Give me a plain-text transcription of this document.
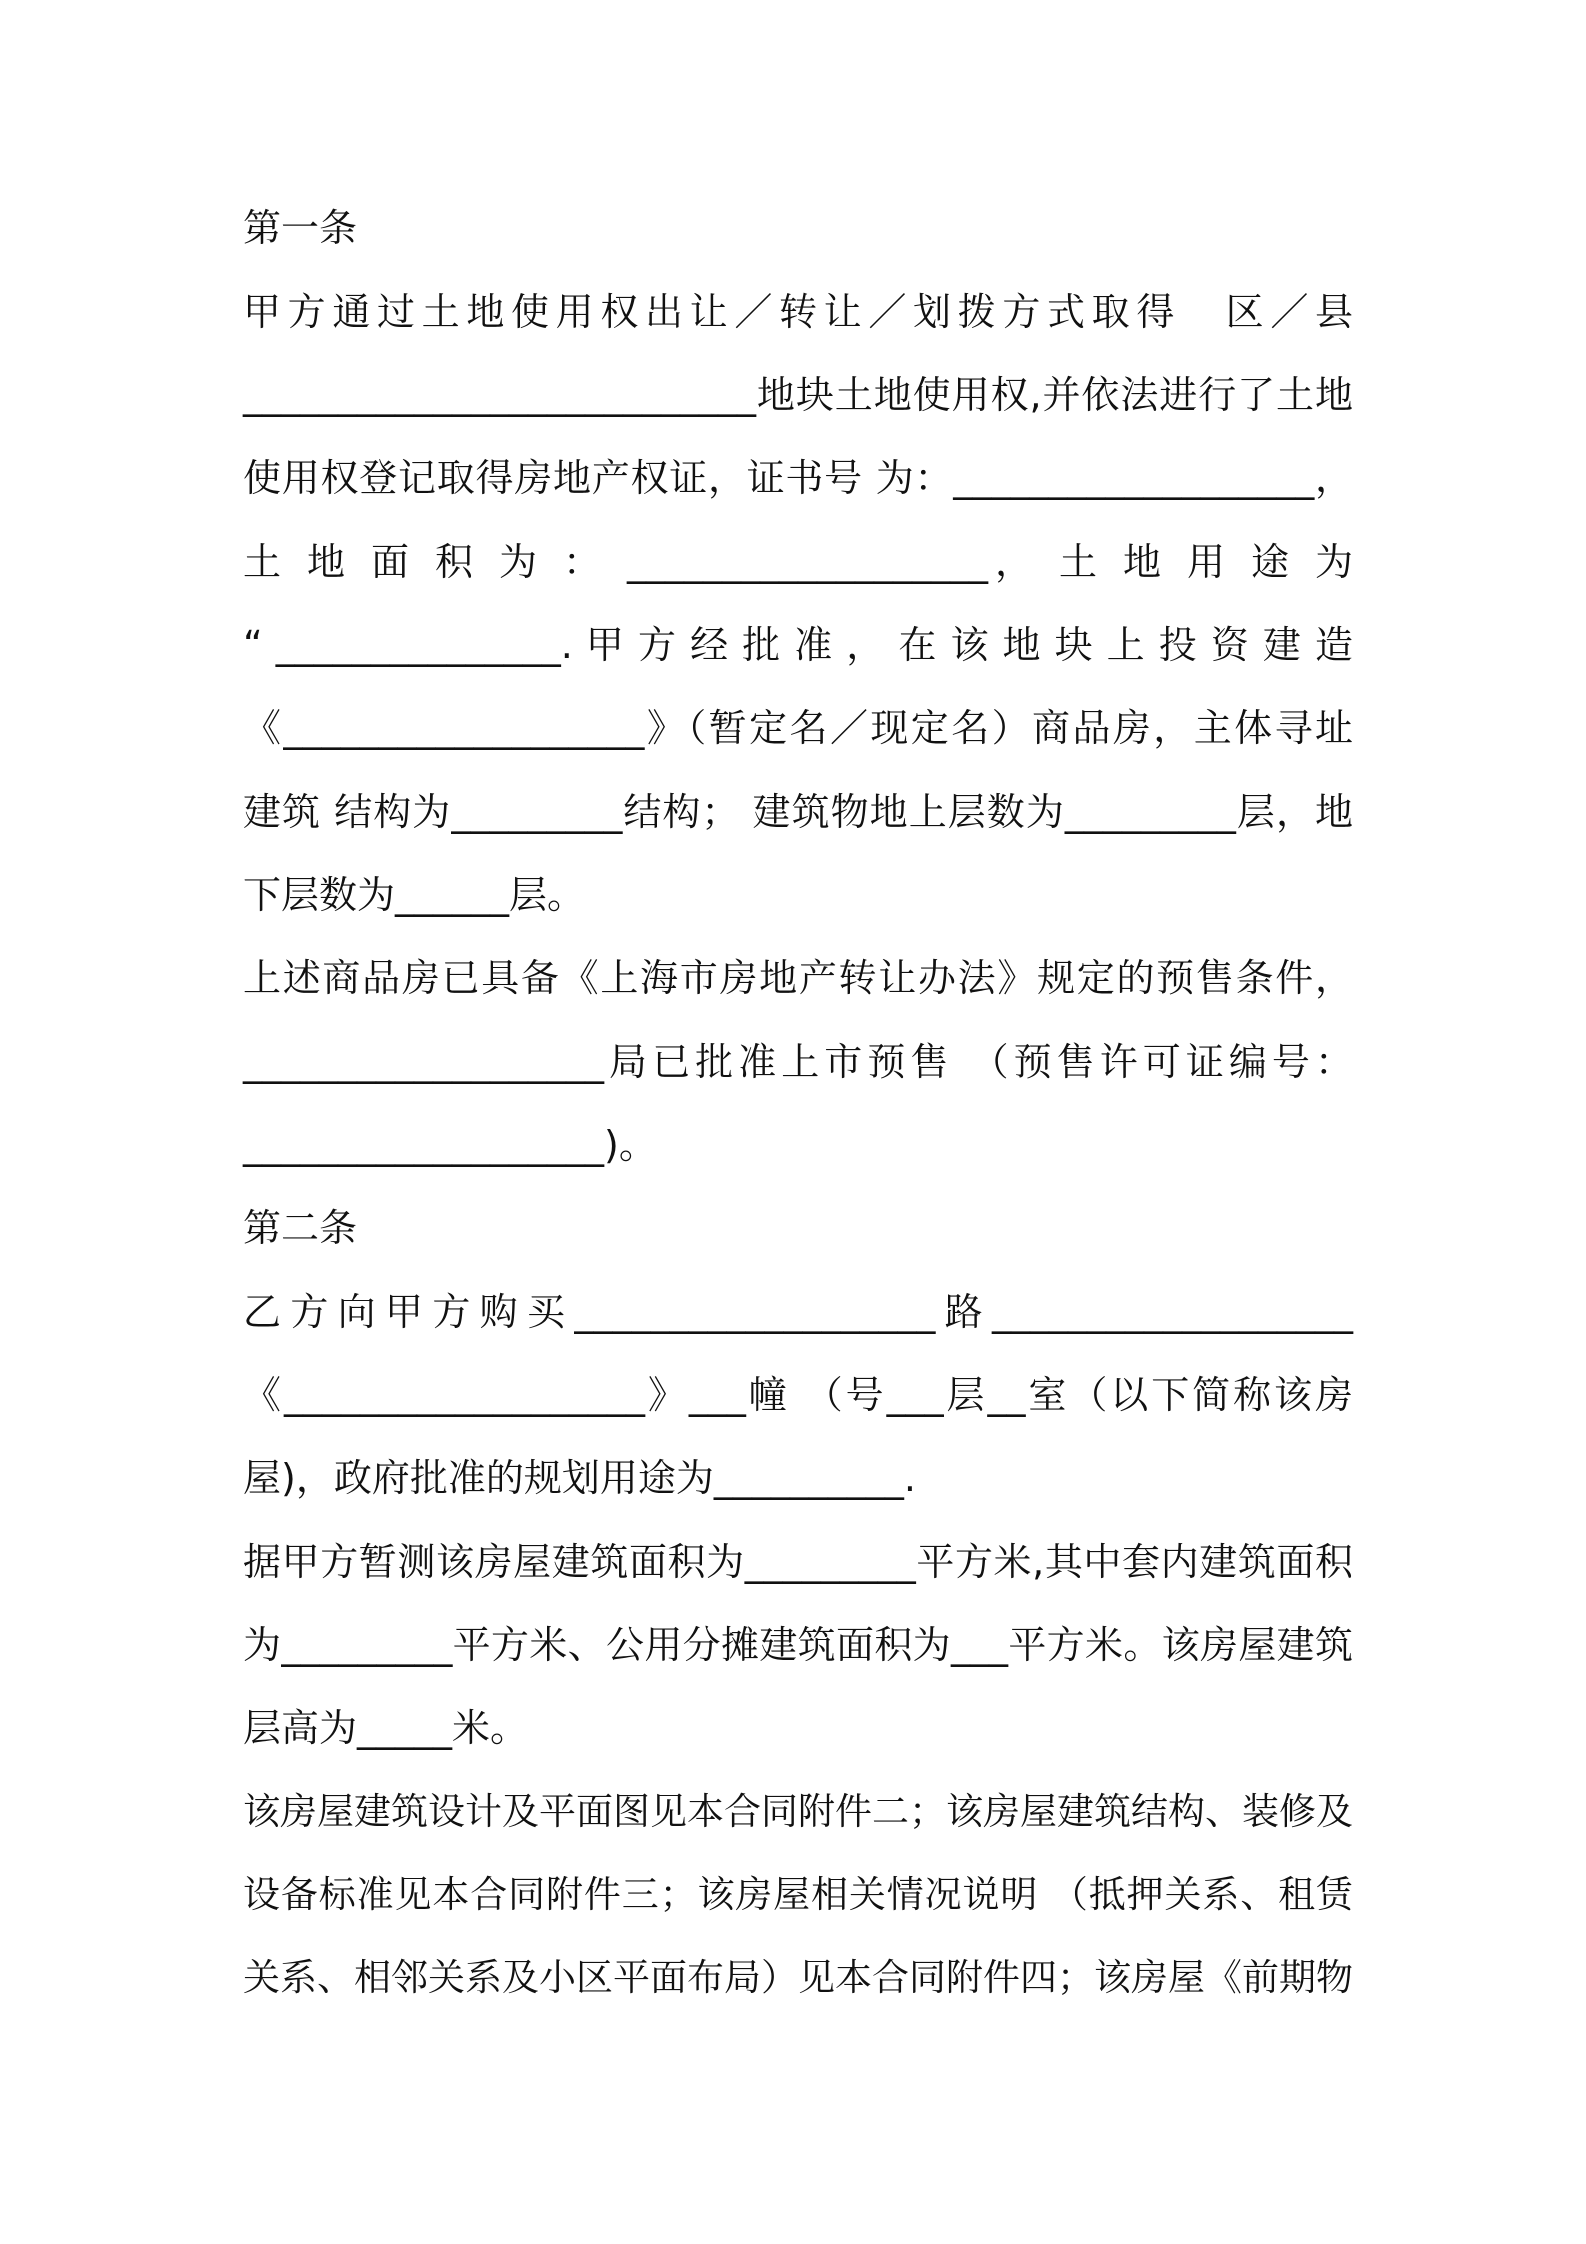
第一条
甲方通过土地使用权出让／转让／划拨方式取得　区／县
___________________________地块土地使用权,并依法进行了土地
使用权登记取得房地产权证，证书号 为：___________________，
土 地 面 积 为 ： ___________________， 土 地 用 途 为
“ _______________. 甲 方 经 批 准 ， 在 该 地 块 上 投 资 建 造
《___________________》（暂定名／现定名）商品房，主体寻址
建筑 结构为_________结构； 建筑物地上层数为_________层，地
下层数为______层。
上述商品房已具备《上海市房地产转让办法》规定的预售条件，
___________________局已批准上市预售 （预售许可证编号：
___________________)。
第二条
乙方向甲方购买___________________路___________________
《___________________》___幢 （号___层__室（以下简称该房
屋)，政府批准的规划用途为__________.
据甲方暂测该房屋建筑面积为_________平方米,其中套内建筑面积
为_________平方米、公用分摊建筑面积为___平方米。该房屋建筑
层高为_____米。
该房屋建筑设计及平面图见本合同附件二；该房屋建筑结构、装修及
设备标准见本合同附件三；该房屋相关情况说明 （抵押关系、租赁
关系、相邻关系及小区平面布局）见本合同附件四；该房屋《前期物
